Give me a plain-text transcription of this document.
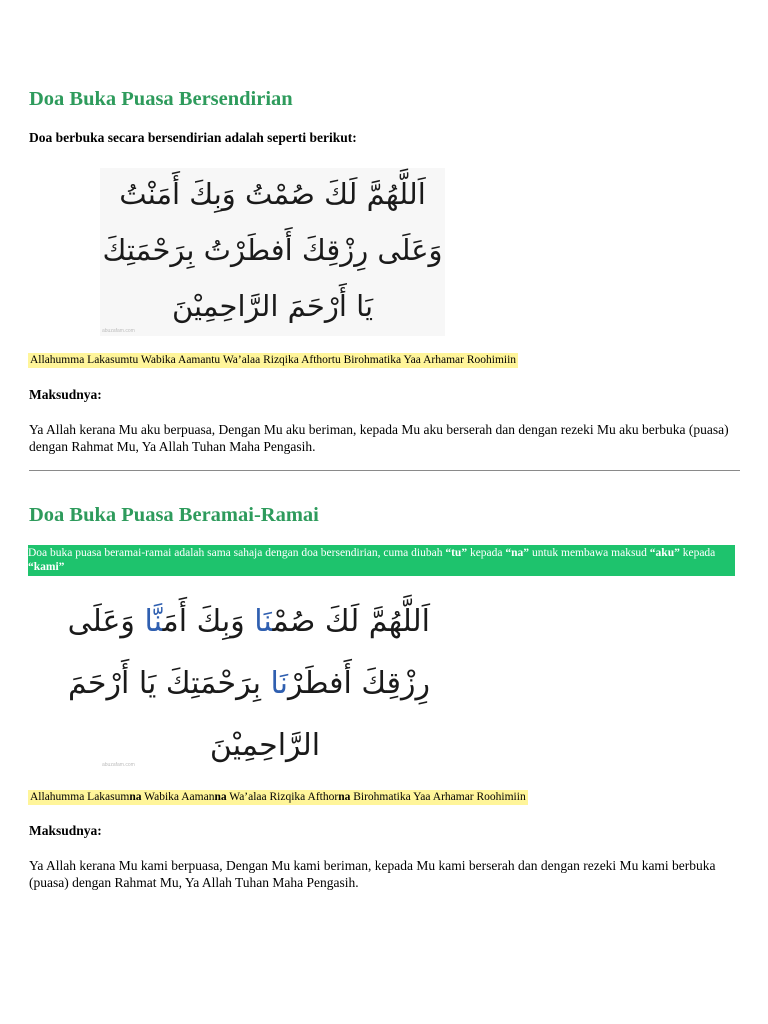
Doa Buka Puasa Bersendirian
Doa berbuka secara bersendirian adalah seperti berikut:
اَللَّهُمَّ لَكَ صُمْتُ وَبِكَ أَمَنْتُ
وَعَلَى رِزْقِكَ أَفطَرْتُ بِرَحْمَتِكَ
يَا أَرْحَمَ الرَّاحِمِيْنَ
abuzafam.com
Allahumma Lakasumtu Wabika Aamantu Wa’alaa Rizqika Afthortu Birohmatika Yaa Arhamar Roohimiin
Maksudnya:
Ya Allah kerana Mu aku berpuasa, Dengan Mu aku beriman, kepada Mu aku berserah dan dengan rezeki Mu aku berbuka (puasa) dengan Rahmat Mu, Ya Allah Tuhan Maha Pengasih.
Doa Buka Puasa Beramai-Ramai
Doa buka puasa beramai-ramai adalah sama sahaja dengan doa bersendirian, cuma diubah “tu” kepada “na” untuk membawa maksud “aku” kepada “kami”
اَللَّهُمَّ لَكَ صُمْنَا وَبِكَ أَمَنَّا وَعَلَى
رِزْقِكَ أَفطَرْنَا بِرَحْمَتِكَ يَا أَرْحَمَ
الرَّاحِمِيْنَ
abuzafam.com
Allahumma Lakasumna Wabika Aamanna Wa’alaa Rizqika Afthorna Birohmatika Yaa Arhamar Roohimiin
Maksudnya:
Ya Allah kerana Mu kami berpuasa, Dengan Mu kami beriman, kepada Mu kami berserah dan dengan rezeki Mu kami berbuka (puasa) dengan Rahmat Mu, Ya Allah Tuhan Maha Pengasih.
